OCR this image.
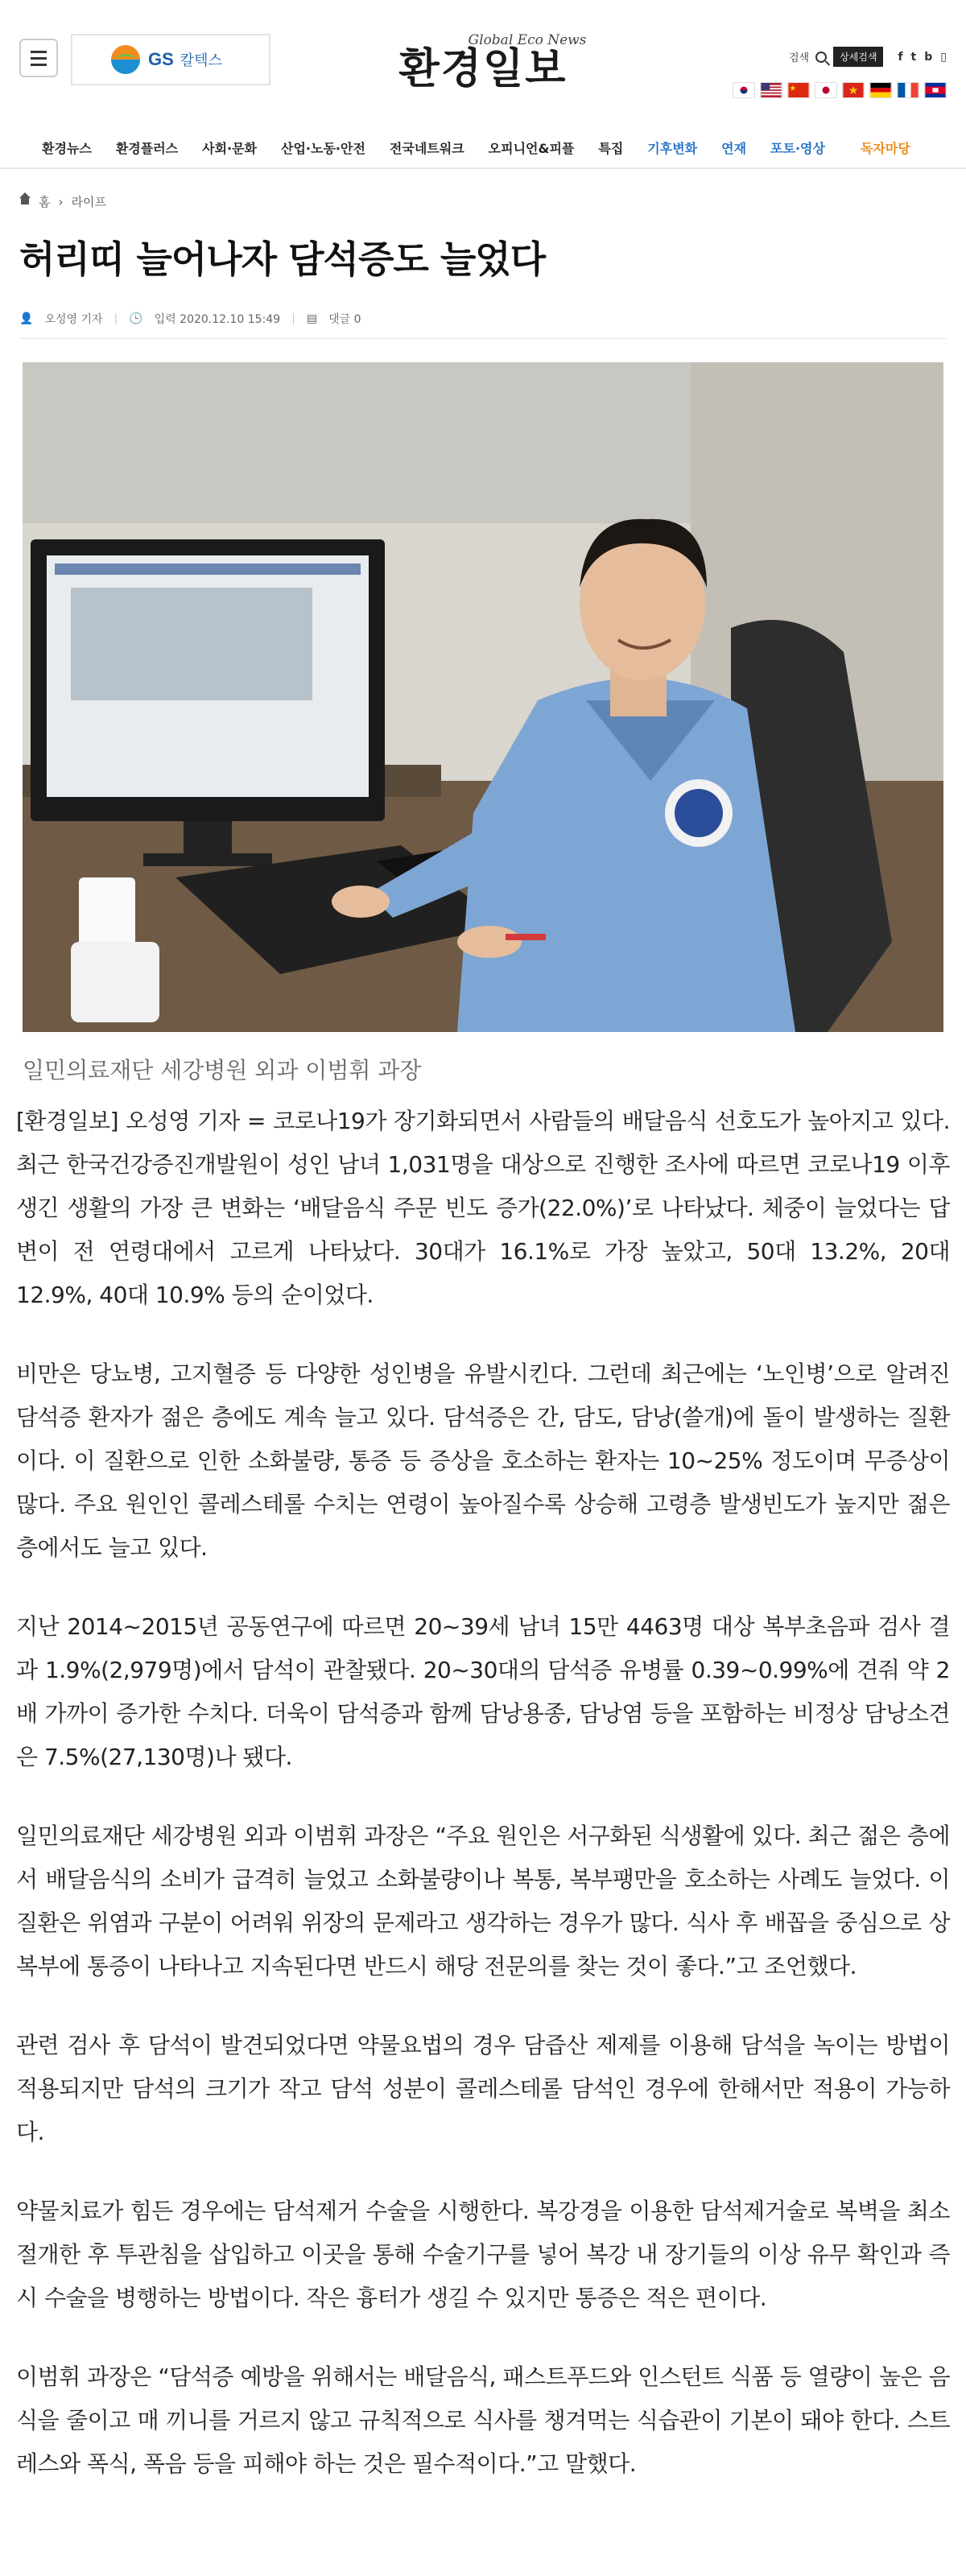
GS 칼텍스
Global Eco News
환경일보	검색	상세검색	f t b ▯
환경뉴스 환경플러스 사회·문화 산업·노동·안전 전국네트워크 오피니언&피플 특집 기후변화 연재 포토·영상	독자마당
홈 › 라이프
허리띠 늘어나자 담석증도 늘었다
👤 오성영 기자 | 🕒 입력 2020.12.10 15:49 | ▤ 댓글 0
일민의료재단 세강병원 외과 이범휘 과장

[환경일보] 오성영 기자 = 코로나19가 장기화되면서 사람들의 배달음식 선호도가 높아지고 있다. 최근 한국건강증진개발원이 성인 남녀 1,031명을 대상으로 진행한 조사에 따르면 코로나19 이후 생긴 생활의 가장 큰 변화는 ‘배달음식 주문 빈도 증가(22.0%)’로 나타났다. 체중이 늘었다는 답변이 전 연령대에서 고르게 나타났다. 30대가 16.1%로 가장 높았고, 50대 13.2%, 20대 12.9%, 40대 10.9% 등의 순이었다.

비만은 당뇨병, 고지혈증 등 다양한 성인병을 유발시킨다. 그런데 최근에는 ‘노인병’으로 알려진 담석증 환자가 젊은 층에도 계속 늘고 있다. 담석증은 간, 담도, 담낭(쓸개)에 돌이 발생하는 질환이다. 이 질환으로 인한 소화불량, 통증 등 증상을 호소하는 환자는 10~25% 정도이며 무증상이 많다. 주요 원인인 콜레스테롤 수치는 연령이 높아질수록 상승해 고령층 발생빈도가 높지만 젊은 층에서도 늘고 있다.

지난 2014~2015년 공동연구에 따르면 20~39세 남녀 15만 4463명 대상 복부초음파 검사 결과 1.9%(2,979명)에서 담석이 관찰됐다. 20~30대의 담석증 유병률 0.39~0.99%에 견줘 약 2배 가까이 증가한 수치다. 더욱이 담석증과 함께 담낭용종, 담낭염 등을 포함하는 비정상 담낭소견은 7.5%(27,130명)나 됐다.

일민의료재단 세강병원 외과 이범휘 과장은 “주요 원인은 서구화된 식생활에 있다. 최근 젊은 층에서 배달음식의 소비가 급격히 늘었고 소화불량이나 복통, 복부팽만을 호소하는 사례도 늘었다. 이 질환은 위염과 구분이 어려워 위장의 문제라고 생각하는 경우가 많다. 식사 후 배꼽을 중심으로 상복부에 통증이 나타나고 지속된다면 반드시 해당 전문의를 찾는 것이 좋다.”고 조언했다.

관련 검사 후 담석이 발견되었다면 약물요법의 경우 담즙산 제제를 이용해 담석을 녹이는 방법이 적용되지만 담석의 크기가 작고 담석 성분이 콜레스테롤 담석인 경우에 한해서만 적용이 가능하다.

약물치료가 힘든 경우에는 담석제거 수술을 시행한다. 복강경을 이용한 담석제거술로 복벽을 최소 절개한 후 투관침을 삽입하고 이곳을 통해 수술기구를 넣어 복강 내 장기들의 이상 유무 확인과 즉시 수술을 병행하는 방법이다. 작은 흉터가 생길 수 있지만 통증은 적은 편이다.

이범휘 과장은 “담석증 예방을 위해서는 배달음식, 패스트푸드와 인스턴트 식품 등 열량이 높은 음식을 줄이고 매 끼니를 거르지 않고 규칙적으로 식사를 챙겨먹는 식습관이 기본이 돼야 한다. 스트레스와 폭식, 폭음 등을 피해야 하는 것은 필수적이다.”고 말했다.
